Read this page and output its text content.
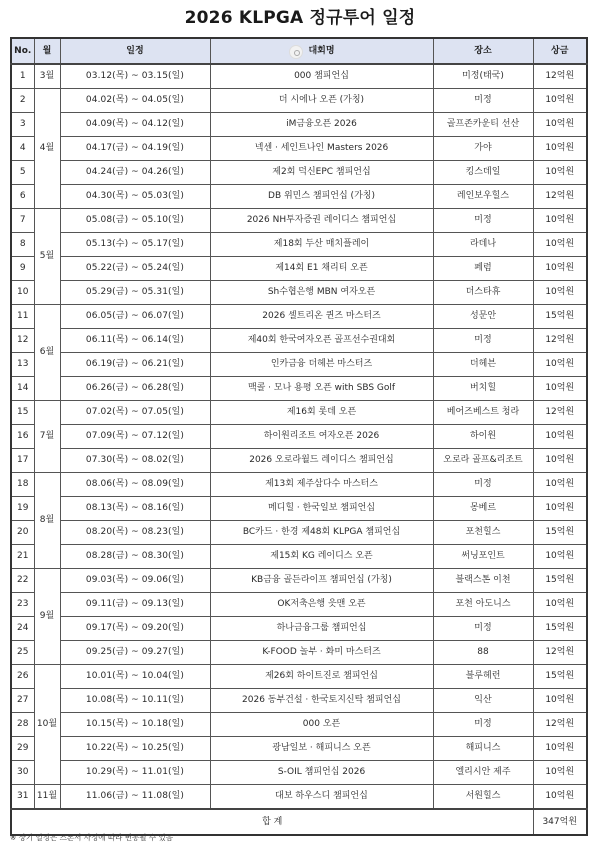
2026 KLPGA 정규투어 일정
No.	월	일정	대회명	장소	상금
1	3월	03.12(목) ~ 03.15(일)	000 챔피언십	미정(태국)	12억원
2	4월	04.02(목) ~ 04.05(일)	더 시에나 오픈 (가칭)	미정	10억원
3		04.09(목) ~ 04.12(일)	iM금융오픈 2026	골프존카운티 선산	10억원
4		04.17(금) ~ 04.19(일)	넥센 · 세인트나인 Masters 2026	가야	10억원
5		04.24(금) ~ 04.26(일)	제2회 덕신EPC 챔피언십	킹스데일	10억원
6		04.30(목) ~ 05.03(일)	DB 위민스 챔피언십 (가칭)	레인보우힐스	12억원
7	5월	05.08(금) ~ 05.10(일)	2026 NH투자증권 레이디스 챔피언십	미정	10억원
8		05.13(수) ~ 05.17(일)	제18회 두산 매치플레이	라데나	10억원
9		05.22(금) ~ 05.24(일)	제14회 E1 채리티 오픈	페럼	10억원
10		05.29(금) ~ 05.31(일)	Sh수협은행 MBN 여자오픈	더스타휴	10억원
11	6월	06.05(금) ~ 06.07(일)	2026 셀트리온 퀸즈 마스터즈	성문안	15억원
12		06.11(목) ~ 06.14(일)	제40회 한국여자오픈 골프선수권대회	미정	12억원
13		06.19(금) ~ 06.21(일)	인카금융 더헤븐 마스터즈	더헤븐	10억원
14		06.26(금) ~ 06.28(일)	맥콜 · 모나 용평 오픈 with SBS Golf	버치힐	10억원
15	7월	07.02(목) ~ 07.05(일)	제16회 롯데 오픈	베어즈베스트 청라	12억원
16		07.09(목) ~ 07.12(일)	하이원리조트 여자오픈 2026	하이원	10억원
17		07.30(목) ~ 08.02(일)	2026 오로라월드 레이디스 챔피언십	오로라 골프&리조트	10억원
18	8월	08.06(목) ~ 08.09(일)	제13회 제주삼다수 마스터스	미정	10억원
19		08.13(목) ~ 08.16(일)	메디힐 · 한국일보 챔피언십	몽베르	10억원
20		08.20(목) ~ 08.23(일)	BC카드 · 한경 제48회 KLPGA 챔피언십	포천힐스	15억원
21		08.28(금) ~ 08.30(일)	제15회 KG 레이디스 오픈	써닝포인트	10억원
22	9월	09.03(목) ~ 09.06(일)	KB금융 골든라이프 챔피언십 (가칭)	블랙스톤 이천	15억원
23		09.11(금) ~ 09.13(일)	OK저축은행 읏맨 오픈	포천 아도니스	10억원
24		09.17(목) ~ 09.20(일)	하나금융그룹 챔피언십	미정	15억원
25		09.25(금) ~ 09.27(일)	K-FOOD 놀부 · 화미 마스터즈	88	12억원
26	10월	10.01(목) ~ 10.04(일)	제26회 하이트진로 챔피언십	블루헤런	15억원
27		10.08(목) ~ 10.11(일)	2026 동부건설 · 한국토지신탁 챔피언십	익산	10억원
28		10.15(목) ~ 10.18(일)	000 오픈	미정	12억원
29		10.22(목) ~ 10.25(일)	광남일보 · 해피니스 오픈	해피니스	10억원
30		10.29(목) ~ 11.01(일)	S-OIL 챔피언십 2026	엘리시안 제주	10억원
31	11월	11.06(금) ~ 11.08(일)	대보 하우스디 챔피언십	서원힐스	10억원
합 계					347억원
※ 상기 일정은 스폰서 사정에 따라 변동될 수 있음
